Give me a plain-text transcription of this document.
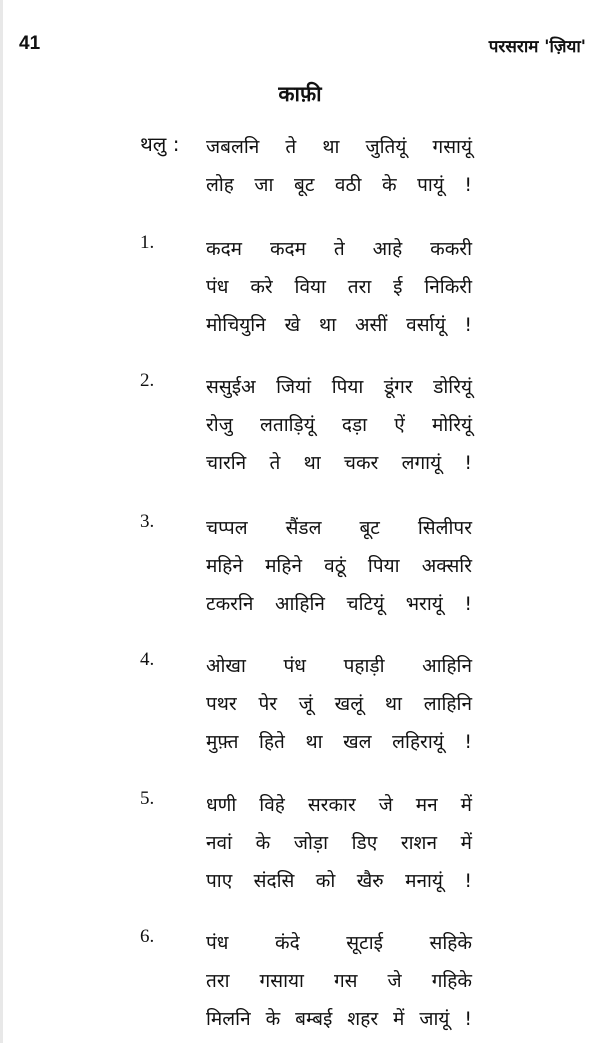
41	परसराम 'ज़िया'
काफ़ी
थलु : जबलनि ते था जुतियूं गसायूं
लोह जा बूट वठी के पायूं !
1.	कदम कदम ते आहे ककरी
पंध करे विया तरा ई निकिरी
मोचियुनि खे था असीं वर्सायूं !
2.	ससुईअ जियां पिया डूंगर डोरियूं
रोजु लताड़ियूं दड़ा ऐं मोरियूं
चारनि ते था चकर लगायूं !
3.	चप्पल सैंडल बूट सिलीपर
महिने महिने वठूं पिया अक्सरि
टकरनि आहिनि चटियूं भरायूं !
4.	ओखा पंध पहाड़ी आहिनि
पथर पेर जूं खलूं था लाहिनि
मुफ़्त हिते था खल लहिरायूं !
5.	धणी विहे सरकार जे मन में
नवां के जोड़ा डिए राशन में
पाए संदसि को खैरु मनायूं !
6.	पंध कंदे सूटाई सहिके
तरा गसाया गस जे गहिके
मिलनि के बम्बई शहर में जायूं !
